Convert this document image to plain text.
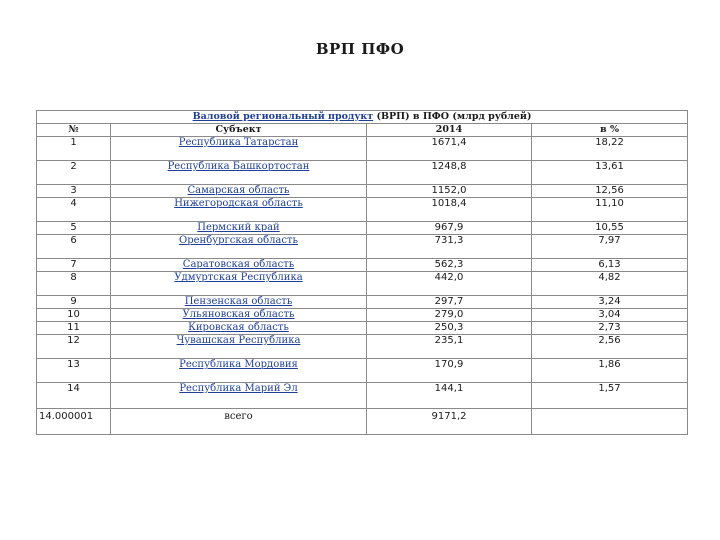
ВРП ПФО
Валовой региональный продукт (ВРП) в ПФО (млрд рублей)			
№	Субъект	2014	в %
1	Республика Татарстан	1671,4	18,22
2	Республика Башкортостан	1248,8	13,61
3	Самарская область	1152,0	12,56
4	Нижегородская область	1018,4	11,10
5	Пермский край	967,9	10,55
6	Оренбургская область	731,3	7,97
7	Саратовская область	562,3	6,13
8	Удмуртская Республика	442,0	4,82
9	Пензенская область	297,7	3,24
10	Ульяновская область	279,0	3,04
11	Кировская область	250,3	2,73
12	Чувашская Республика	235,1	2,56
13	Республика Мордовия	170,9	1,86
14	Республика Марий Эл	144,1	1,57
14.000001	всего	9171,2	
